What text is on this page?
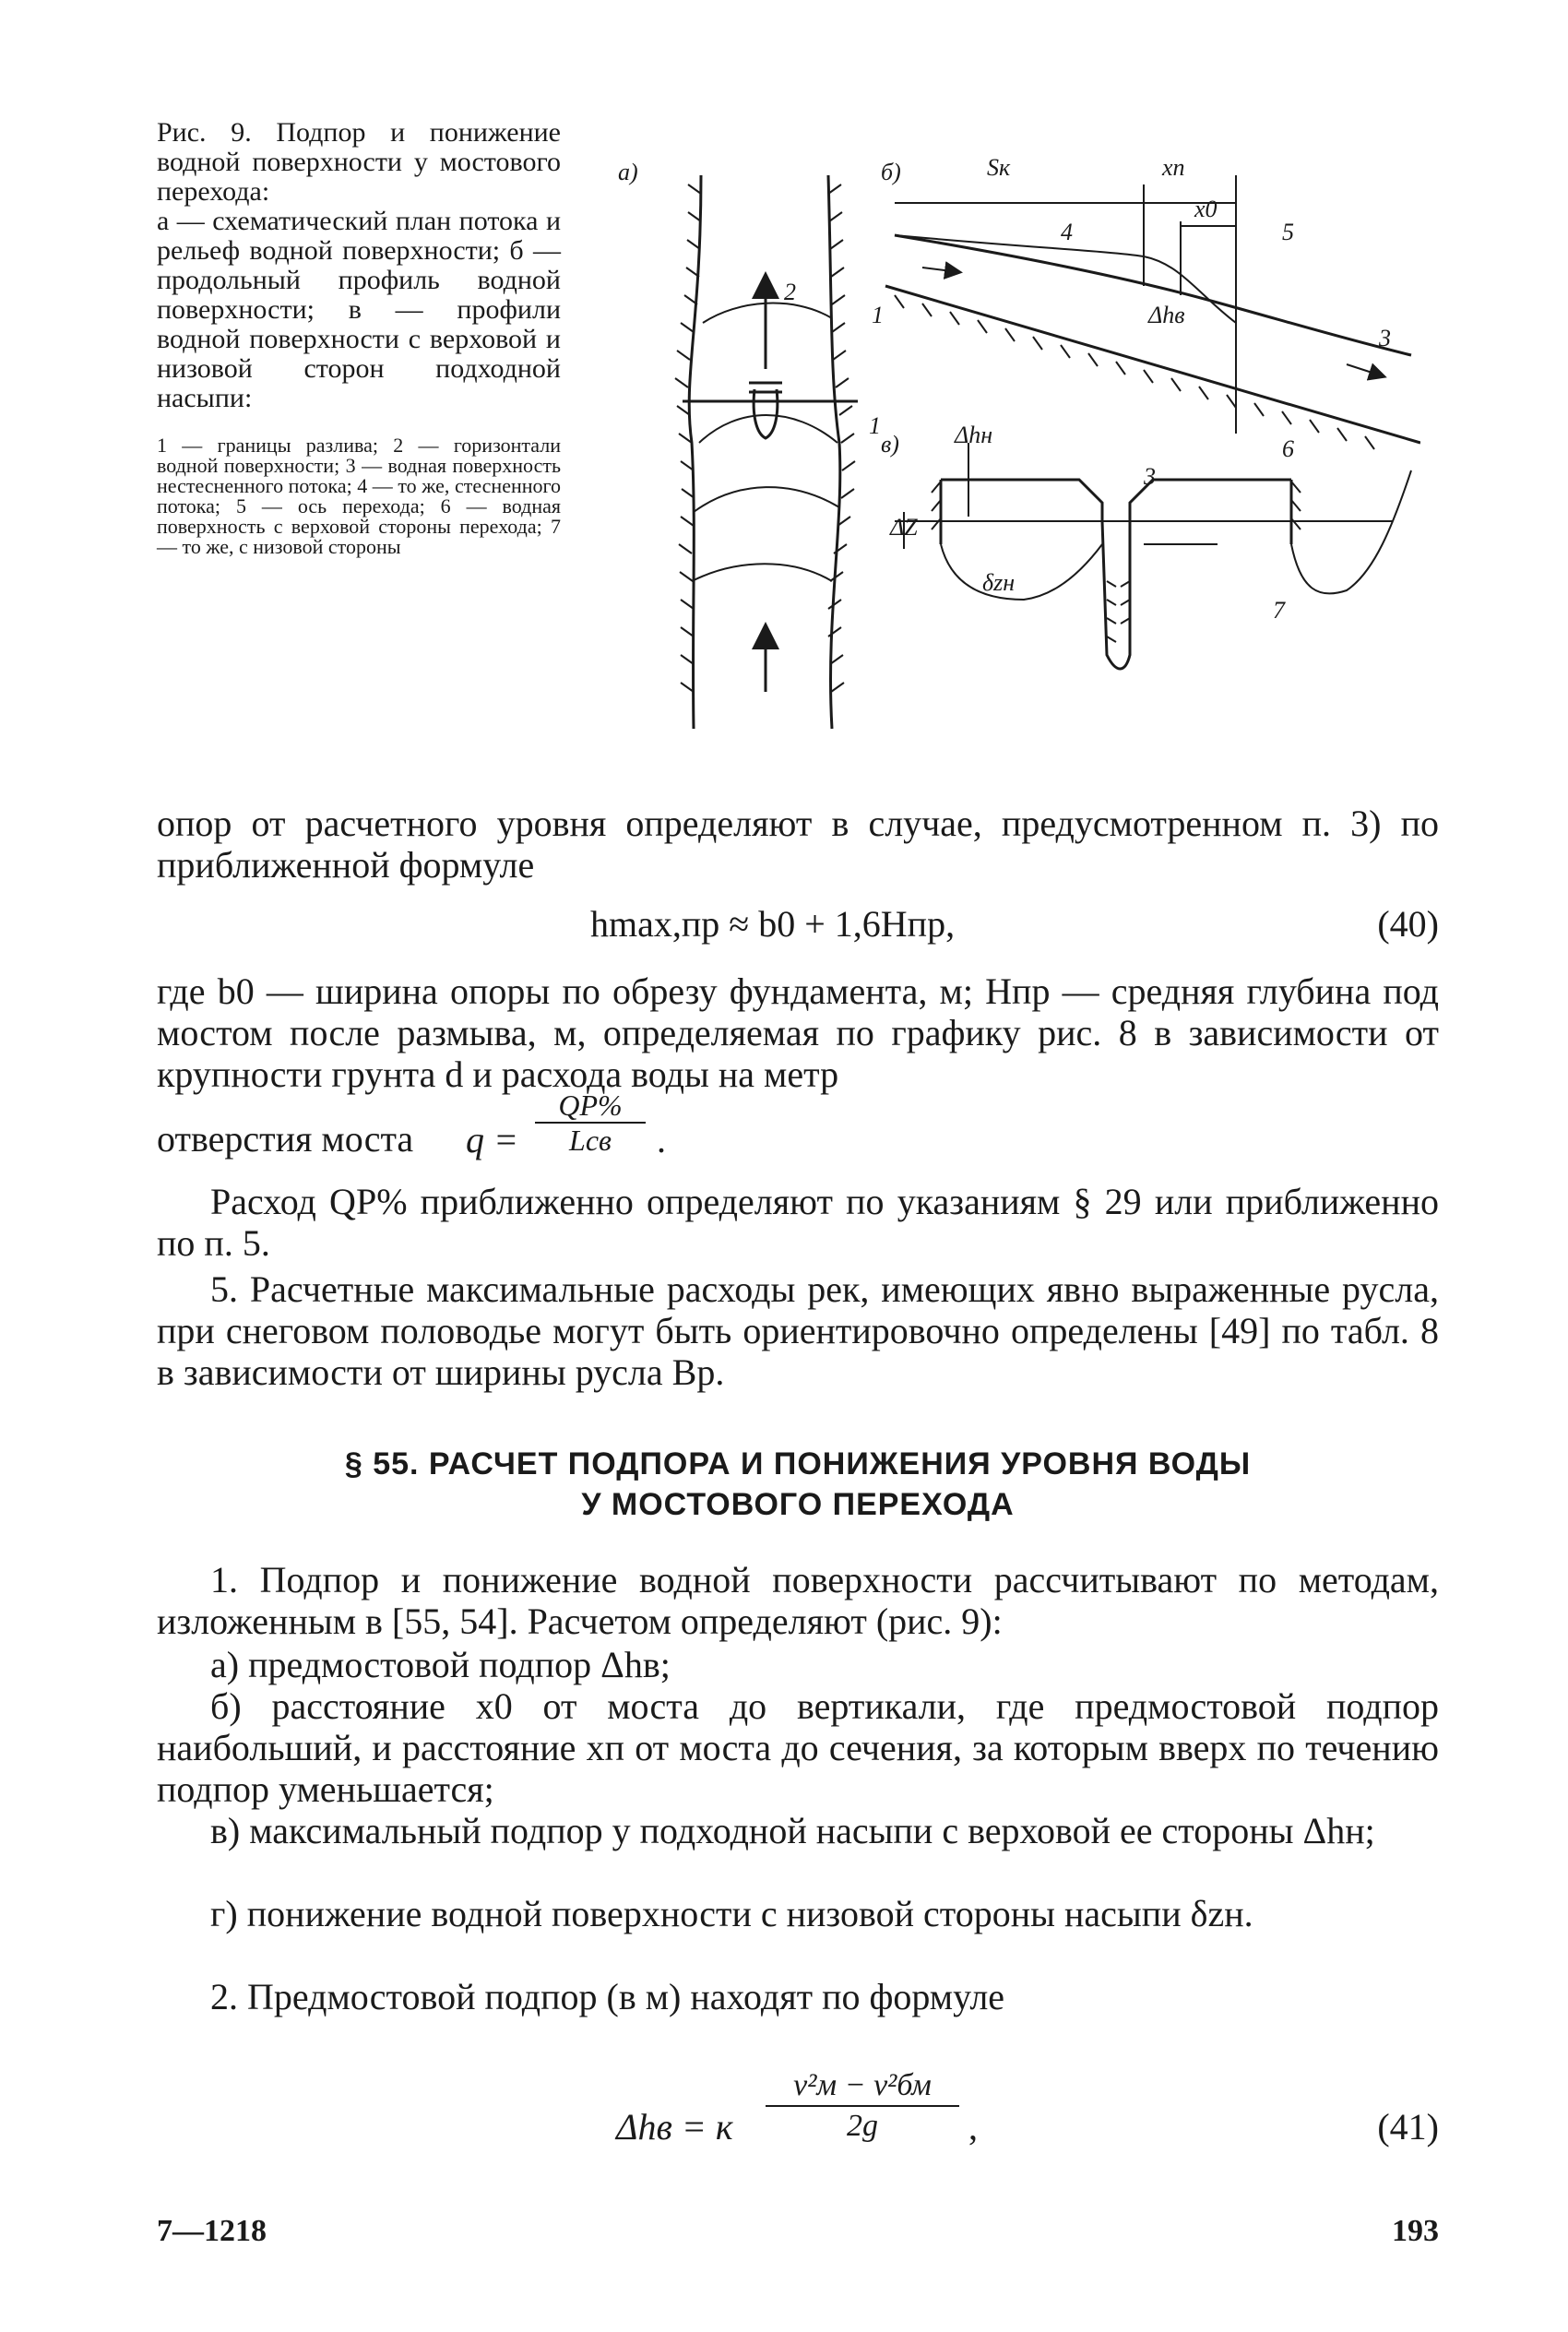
Рис. 9. Подпор и понижение водной поверхности у мостового перехода:
а — схематический план потока и рельеф водной поверхности; б — продольный профиль водной поверхности; в — профили водной поверхности с верховой и низовой сторон подходной насыпи:
1 — границы разлива; 2 — горизонтали водной поверхности; 3 — водная поверхность нестесненного потока; 4 — то же, стесненного потока; 5 — ось перехода; 6 — водная поверхность с верховой стороны перехода; 7 — то же, с низовой стороны
а)	б)
в)
Sк	xп
x0
Δhв
Δhн
ΔZ
δzн
1
1
2
3
3
4	5
6
7
опор от расчетного уровня определяют в случае, предусмотренном п. 3) по приближенной формуле
hmax,пр ≈ b0 + 1,6Hпр,	(40)
где b0 — ширина опоры по обрезу фундамента, м; Hпр — средняя глубина под мостом после размыва, м, определяемая по графику рис. 8 в зависимости от крупности грунта d и расхода воды на метр
отверстия моста q =
QP%
Lсв	.
Расход QP% приближенно определяют по указаниям § 29 или приближенно по п. 5.
5. Расчетные максимальные расходы рек, имеющих явно выраженные русла, при снеговом половодье могут быть ориентировочно определены [49] по табл. 8 в зависимости от ширины русла Bр.
§ 55. РАСЧЕТ ПОДПОРА И ПОНИЖЕНИЯ УРОВНЯ ВОДЫ
У МОСТОВОГО ПЕРЕХОДА
1. Подпор и понижение водной поверхности рассчитывают по методам, изложенным в [55, 54]. Расчетом определяют (рис. 9):
а) предмостовой подпор Δhв;
б) расстояние x0 от моста до вертикали, где предмостовой подпор наибольший, и расстояние xп от моста до сечения, за которым вверх по течению подпор уменьшается;
в) максимальный подпор у подходной насыпи с верховой ее стороны Δhн;
г) понижение водной поверхности с низовой стороны насыпи δzн.
2. Предмостовой подпор (в м) находят по формуле
Δhв = к
v²м − v²бм
2g	,	(41)
7—1218	193
